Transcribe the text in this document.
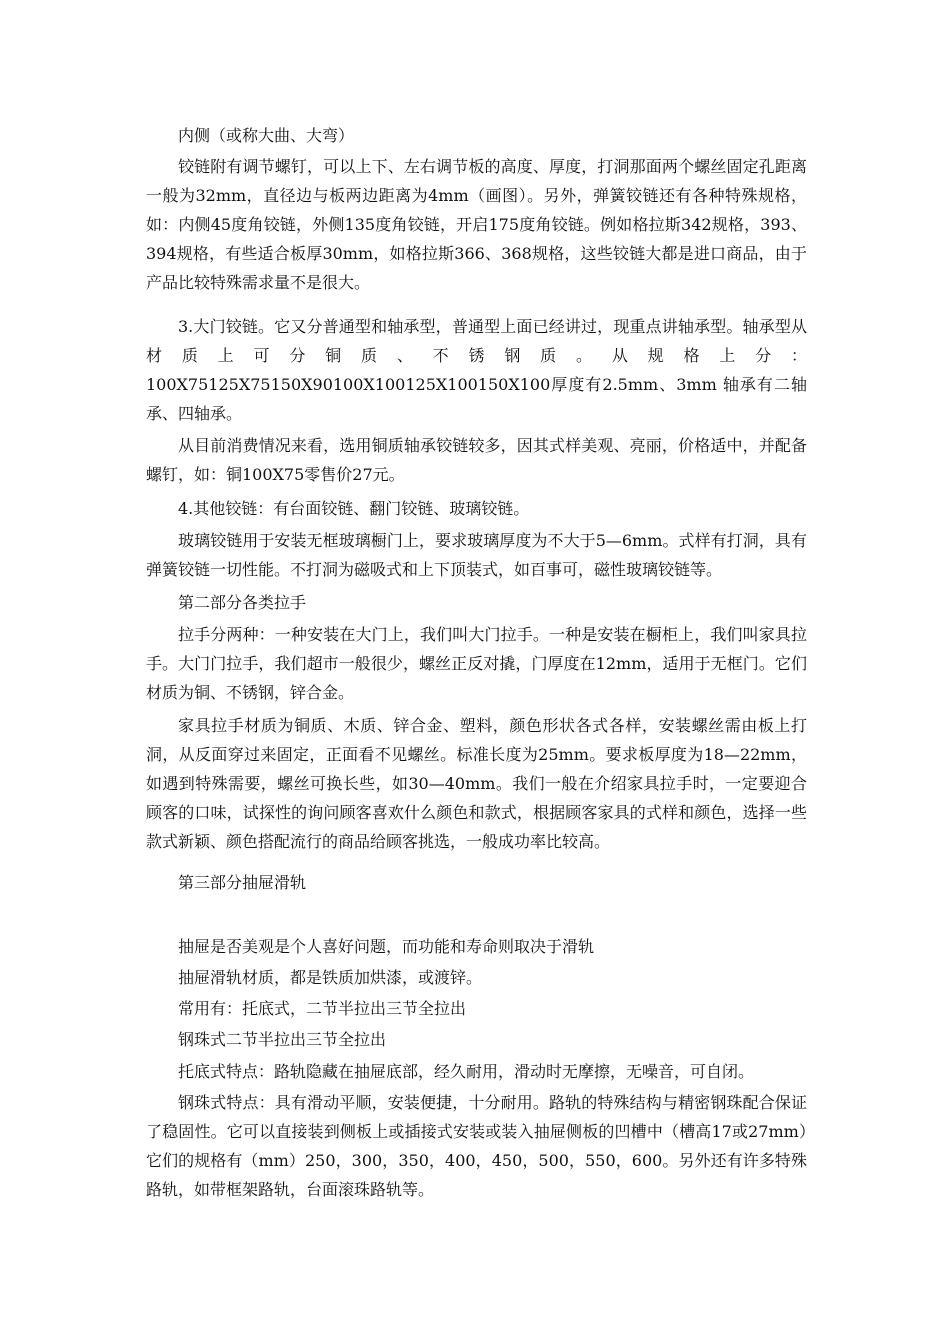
内侧（或称大曲、大弯）

铰链附有调节螺钉，可以上下、左右调节板的高度、厚度，打洞那面两个螺丝固定孔距离一般为32mm，直径边与板两边距离为4mm（画图）。另外，弹簧铰链还有各种特殊规格，如：内侧45度角铰链，外侧135度角铰链，开启175度角铰链。例如格拉斯342规格，393、394规格，有些适合板厚30mm，如格拉斯366、368规格，这些铰链大都是进口商品，由于产品比较特殊需求量不是很大。

3.大门铰链。它又分普通型和轴承型，普通型上面已经讲过，现重点讲轴承型。轴承型从材质上可分铜质、不锈钢质。从规格上分：

100X75125X75150X90100X100125X100150X100厚度有2.5mm、3mm 轴承有二轴承、四轴承。

从目前消费情况来看，选用铜质轴承铰链较多，因其式样美观、亮丽，价格适中，并配备螺钉，如：铜100X75零售价27元。

4.其他铰链：有台面铰链、翻门铰链、玻璃铰链。

玻璃铰链用于安装无框玻璃橱门上，要求玻璃厚度为不大于5—6mm。式样有打洞，具有弹簧铰链一切性能。不打洞为磁吸式和上下顶装式，如百事可，磁性玻璃铰链等。

第二部分各类拉手

拉手分两种：一种安装在大门上，我们叫大门拉手。一种是安装在橱柜上，我们叫家具拉手。大门门拉手，我们超市一般很少，螺丝正反对撬，门厚度在12mm，适用于无框门。它们材质为铜、不锈钢，锌合金。

家具拉手材质为铜质、木质、锌合金、塑料，颜色形状各式各样，安装螺丝需由板上打洞，从反面穿过来固定，正面看不见螺丝。标准长度为25mm。要求板厚度为18—22mm，如遇到特殊需要，螺丝可换长些，如30—40mm。我们一般在介绍家具拉手时，一定要迎合顾客的口味，试探性的询问顾客喜欢什么颜色和款式，根据顾客家具的式样和颜色，选择一些款式新颖、颜色搭配流行的商品给顾客挑选，一般成功率比较高。

第三部分抽屉滑轨

抽屉是否美观是个人喜好问题，而功能和寿命则取决于滑轨

抽屉滑轨材质，都是铁质加烘漆，或渡锌。

常用有：托底式，二节半拉出三节全拉出

钢珠式二节半拉出三节全拉出

托底式特点：路轨隐藏在抽屉底部，经久耐用，滑动时无摩擦，无噪音，可自闭。

钢珠式特点：具有滑动平顺，安装便捷，十分耐用。路轨的特殊结构与精密钢珠配合保证了稳固性。它可以直接装到侧板上或插接式安装或装入抽屉侧板的凹槽中（槽高17或27mm）它们的规格有（mm）250，300，350，400，450，500，550，600。另外还有许多特殊路轨，如带框架路轨，台面滚珠路轨等。
